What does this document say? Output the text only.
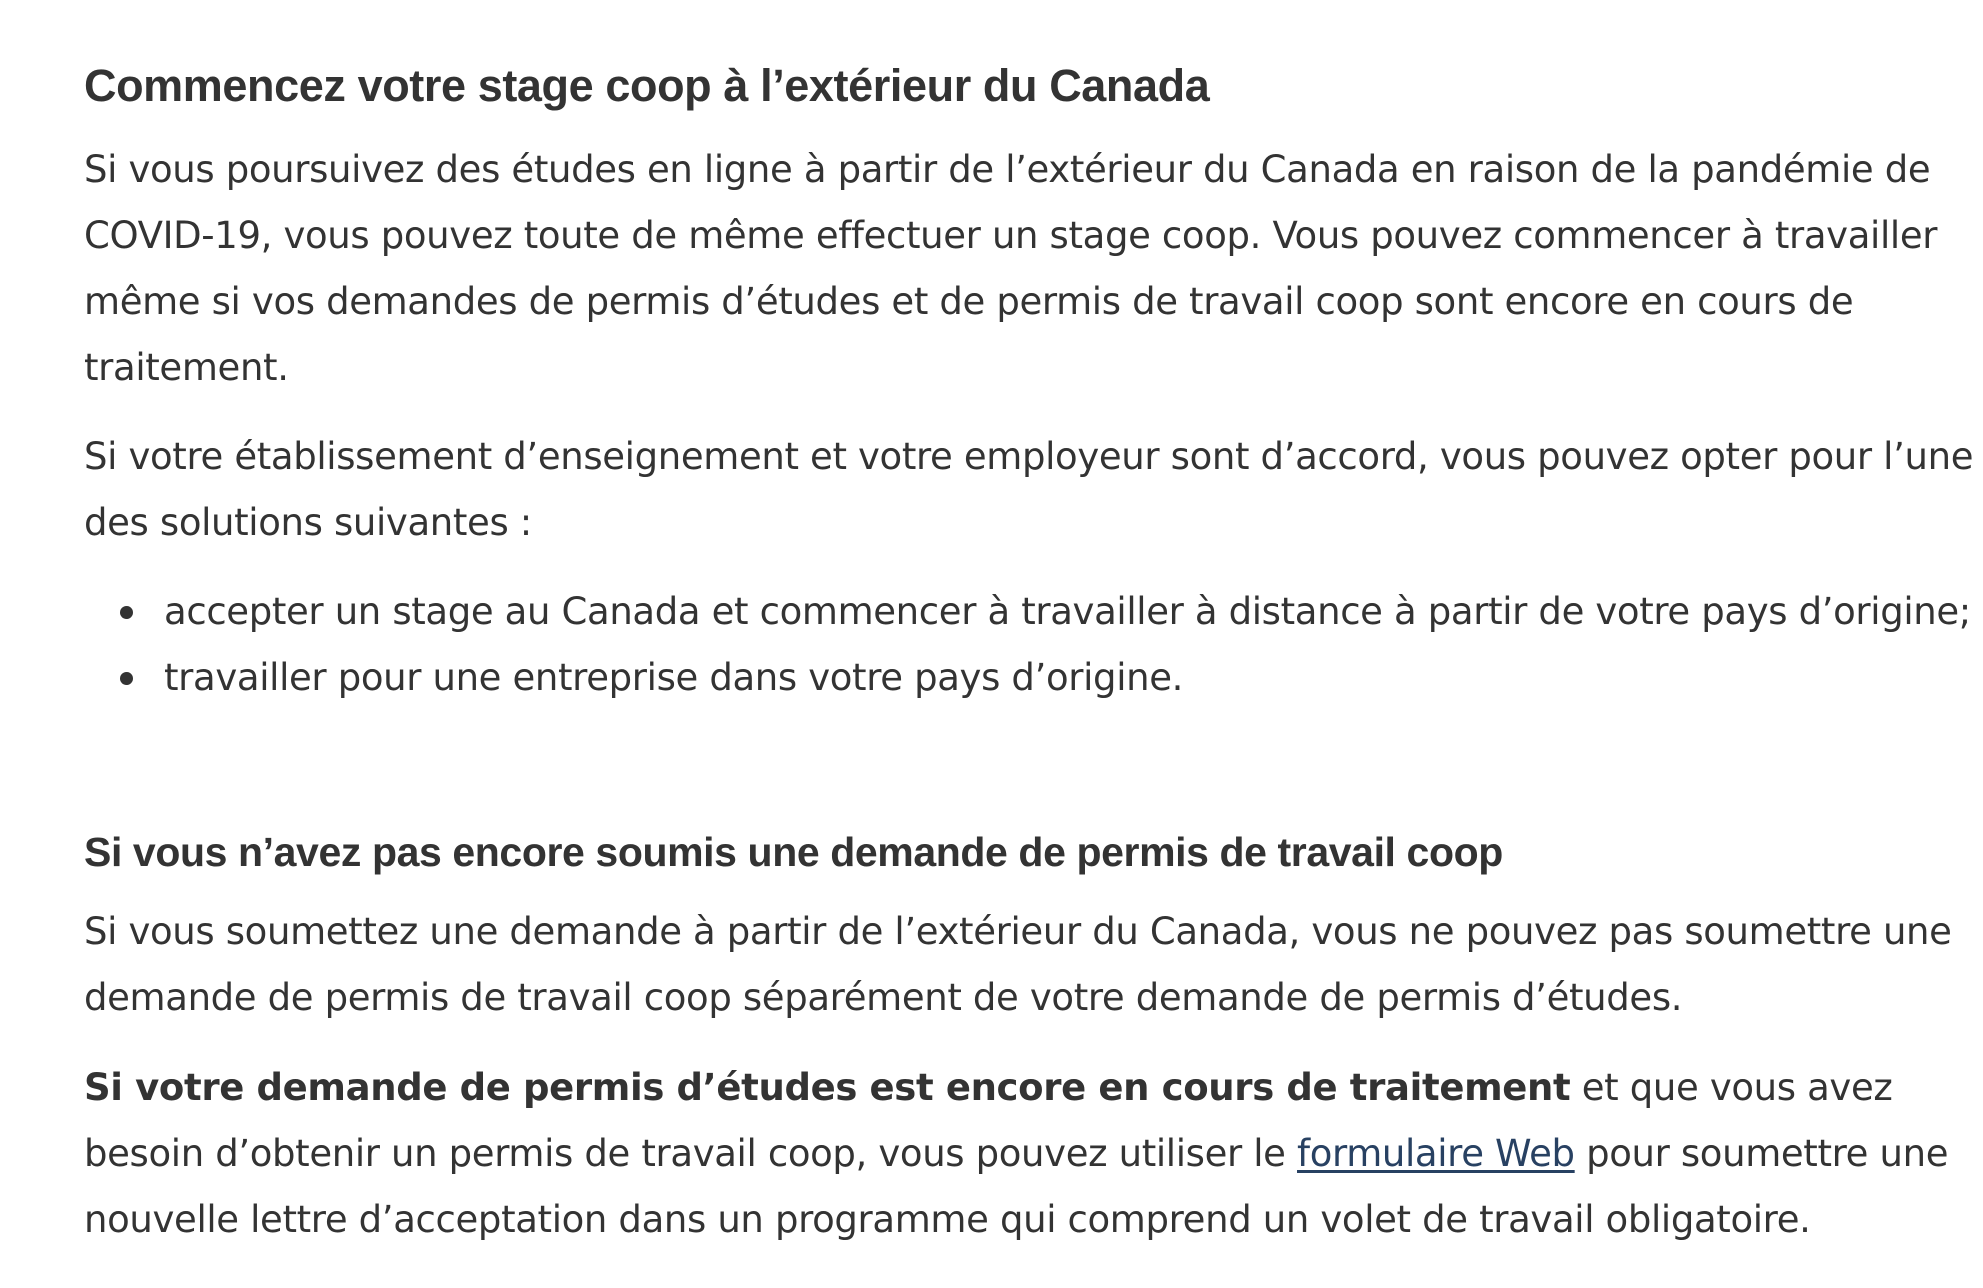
Commencez votre stage coop à l’extérieur du Canada

Si vous poursuivez des études en ligne à partir de l’extérieur du Canada en raison de la pandémie de COVID-19, vous pouvez toute de même effectuer un stage coop. Vous pouvez commencer à travailler même si vos demandes de permis d’études et de permis de travail coop sont encore en cours de traitement.

Si votre établissement d’enseignement et votre employeur sont d’accord, vous pouvez opter pour l’une des solutions suivantes :

accepter un stage au Canada et commencer à travailler à distance à partir de votre pays d’origine;
travailler pour une entreprise dans votre pays d’origine.
Si vous n’avez pas encore soumis une demande de permis de travail coop

Si vous soumettez une demande à partir de l’extérieur du Canada, vous ne pouvez pas soumettre une demande de permis de travail coop séparément de votre demande de permis d’études.

Si votre demande de permis d’études est encore en cours de traitement et que vous avez besoin d’obtenir un permis de travail coop, vous pouvez utiliser le formulaire Web pour soumettre une nouvelle lettre d’acceptation dans un programme qui comprend un volet de travail obligatoire.
